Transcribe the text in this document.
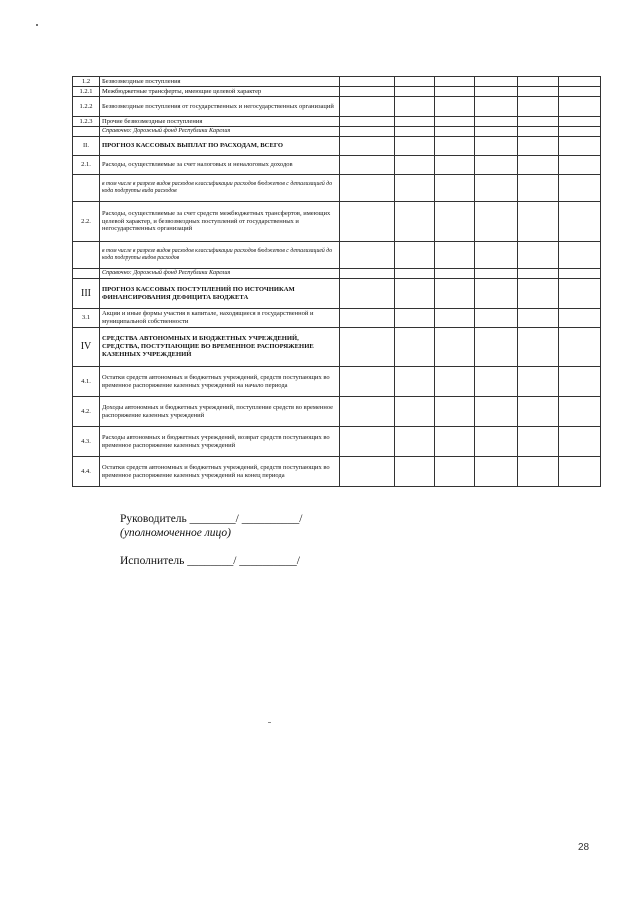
1.2	Безвозмездные поступления						
1.2.1	Межбюджетные трансферты, имеющие целевой характер						
1.2.2	Безвозмездные поступления от государственных и негосударственных организаций						
1.2.3	Прочие безвозмездные поступления						
	Справочно: Дорожный фонд Республики Карелия						
II.	ПРОГНОЗ КАССОВЫХ ВЫПЛАТ ПО РАСХОДАМ, ВСЕГО						
2.1.	Расходы, осуществляемые за счет налоговых и неналоговых доходов						
	в том числе в разрезе видов расходов классификации расходов бюджетов с детализацией до кода подгруппы вида расходов						
2.2.	Расходы, осуществляемые за счет средств межбюджетных трансфертов, имеющих целевой характер, и безвозмездных поступлений от государственных и негосударственных организаций						
	в том числе в разрезе видов расходов классификации расходов бюджетов с детализацией до кода подгруппы видов расходов						
	Справочно: Дорожный фонд Республики Карелия						
III	ПРОГНОЗ КАССОВЫХ ПОСТУПЛЕНИЙ ПО ИСТОЧНИКАМ ФИНАНСИРОВАНИЯ ДЕФИЦИТА БЮДЖЕТА						
3.1	Акции и иные формы участия в капитале, находящиеся в государственной и муниципальной собственности						
IV	СРЕДСТВА АВТОНОМНЫХ И БЮДЖЕТНЫХ УЧРЕЖДЕНИЙ, СРЕДСТВА, ПОСТУПАЮЩИЕ ВО ВРЕМЕННОЕ РАСПОРЯЖЕНИЕ КАЗЕННЫХ УЧРЕЖДЕНИЙ						
4.1.	Остатки средств автономных и бюджетных учреждений, средств поступающих во временное распоряжение казенных учреждений на начало периода						
4.2.	Доходы автономных и бюджетных учреждений, поступление средств во временное распоряжение казенных учреждений						
4.3.	Расходы автономных и бюджетных учреждений, возврат средств поступающих во временное распоряжение казенных учреждений						
4.4.	Остатки средств автономных и бюджетных учреждений, средств поступающих во временное распоряжение казенных учреждений на конец периода						
Руководитель ________/ __________/
(уполномоченное лицо)
Исполнитель ________/ __________/
28
